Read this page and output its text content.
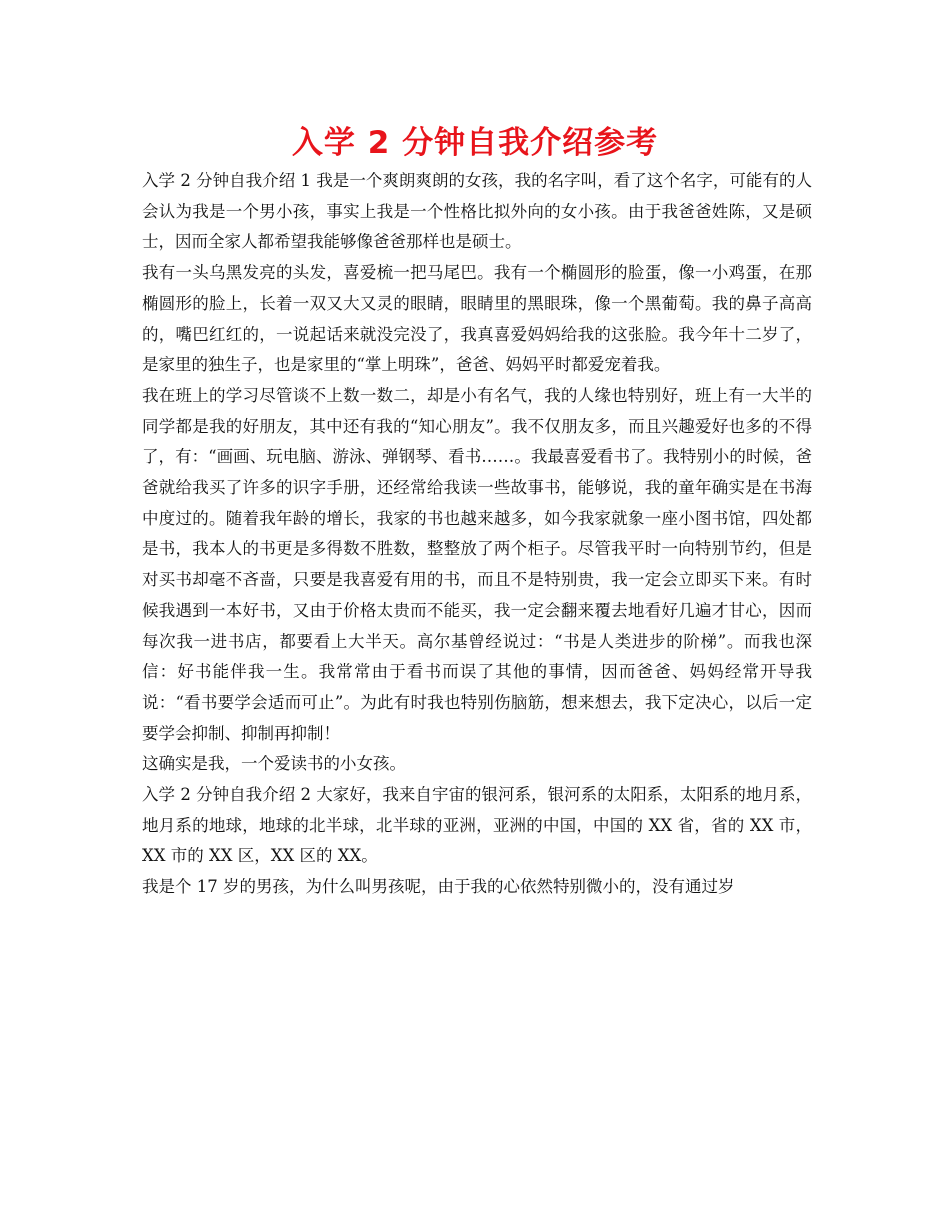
入学 2 分钟自我介绍参考

入学 2 分钟自我介绍 1 我是一个爽朗爽朗的女孩，我的名字叫，看了这个名字，可能有的人会认为我是一个男小孩，事实上我是一个性格比拟外向的女小孩。由于我爸爸姓陈，又是硕士，因而全家人都希望我能够像爸爸那样也是硕士。

我有一头乌黑发亮的头发，喜爱梳一把马尾巴。我有一个椭圆形的脸蛋，像一小鸡蛋，在那椭圆形的脸上，长着一双又大又灵的眼睛，眼睛里的黑眼珠，像一个黑葡萄。我的鼻子高高的，嘴巴红红的，一说起话来就没完没了，我真喜爱妈妈给我的这张脸。我今年十二岁了，是家里的独生子，也是家里的“掌上明珠”，爸爸、妈妈平时都爱宠着我。

我在班上的学习尽管谈不上数一数二，却是小有名气，我的人缘也特别好，班上有一大半的同学都是我的好朋友，其中还有我的“知心朋友”。我不仅朋友多，而且兴趣爱好也多的不得了，有：“画画、玩电脑、游泳、弹钢琴、看书……。我最喜爱看书了。我特别小的时候，爸爸就给我买了许多的识字手册，还经常给我读一些故事书，能够说，我的童年确实是在书海中度过的。随着我年龄的增长，我家的书也越来越多，如今我家就象一座小图书馆，四处都是书，我本人的书更是多得数不胜数，整整放了两个柜子。尽管我平时一向特别节约，但是对买书却毫不吝啬，只要是我喜爱有用的书，而且不是特别贵，我一定会立即买下来。有时候我遇到一本好书，又由于价格太贵而不能买，我一定会翻来覆去地看好几遍才甘心，因而每次我一进书店，都要看上大半天。高尔基曾经说过：“书是人类进步的阶梯”。而我也深信：好书能伴我一生。我常常由于看书而误了其他的事情，因而爸爸、妈妈经常开导我说：“看书要学会适而可止”。为此有时我也特别伤脑筋，想来想去，我下定决心，以后一定要学会抑制、抑制再抑制！

这确实是我，一个爱读书的小女孩。

入学 2 分钟自我介绍 2 大家好，我来自宇宙的银河系，银河系的太阳系，太阳系的地月系，地月系的地球，地球的北半球，北半球的亚洲，亚洲的中国，中国的 XX 省，省的 XX 市，XX 市的 XX 区，XX 区的 XX。

我是个 17 岁的男孩，为什么叫男孩呢，由于我的心依然特别微小的，没有通过岁
